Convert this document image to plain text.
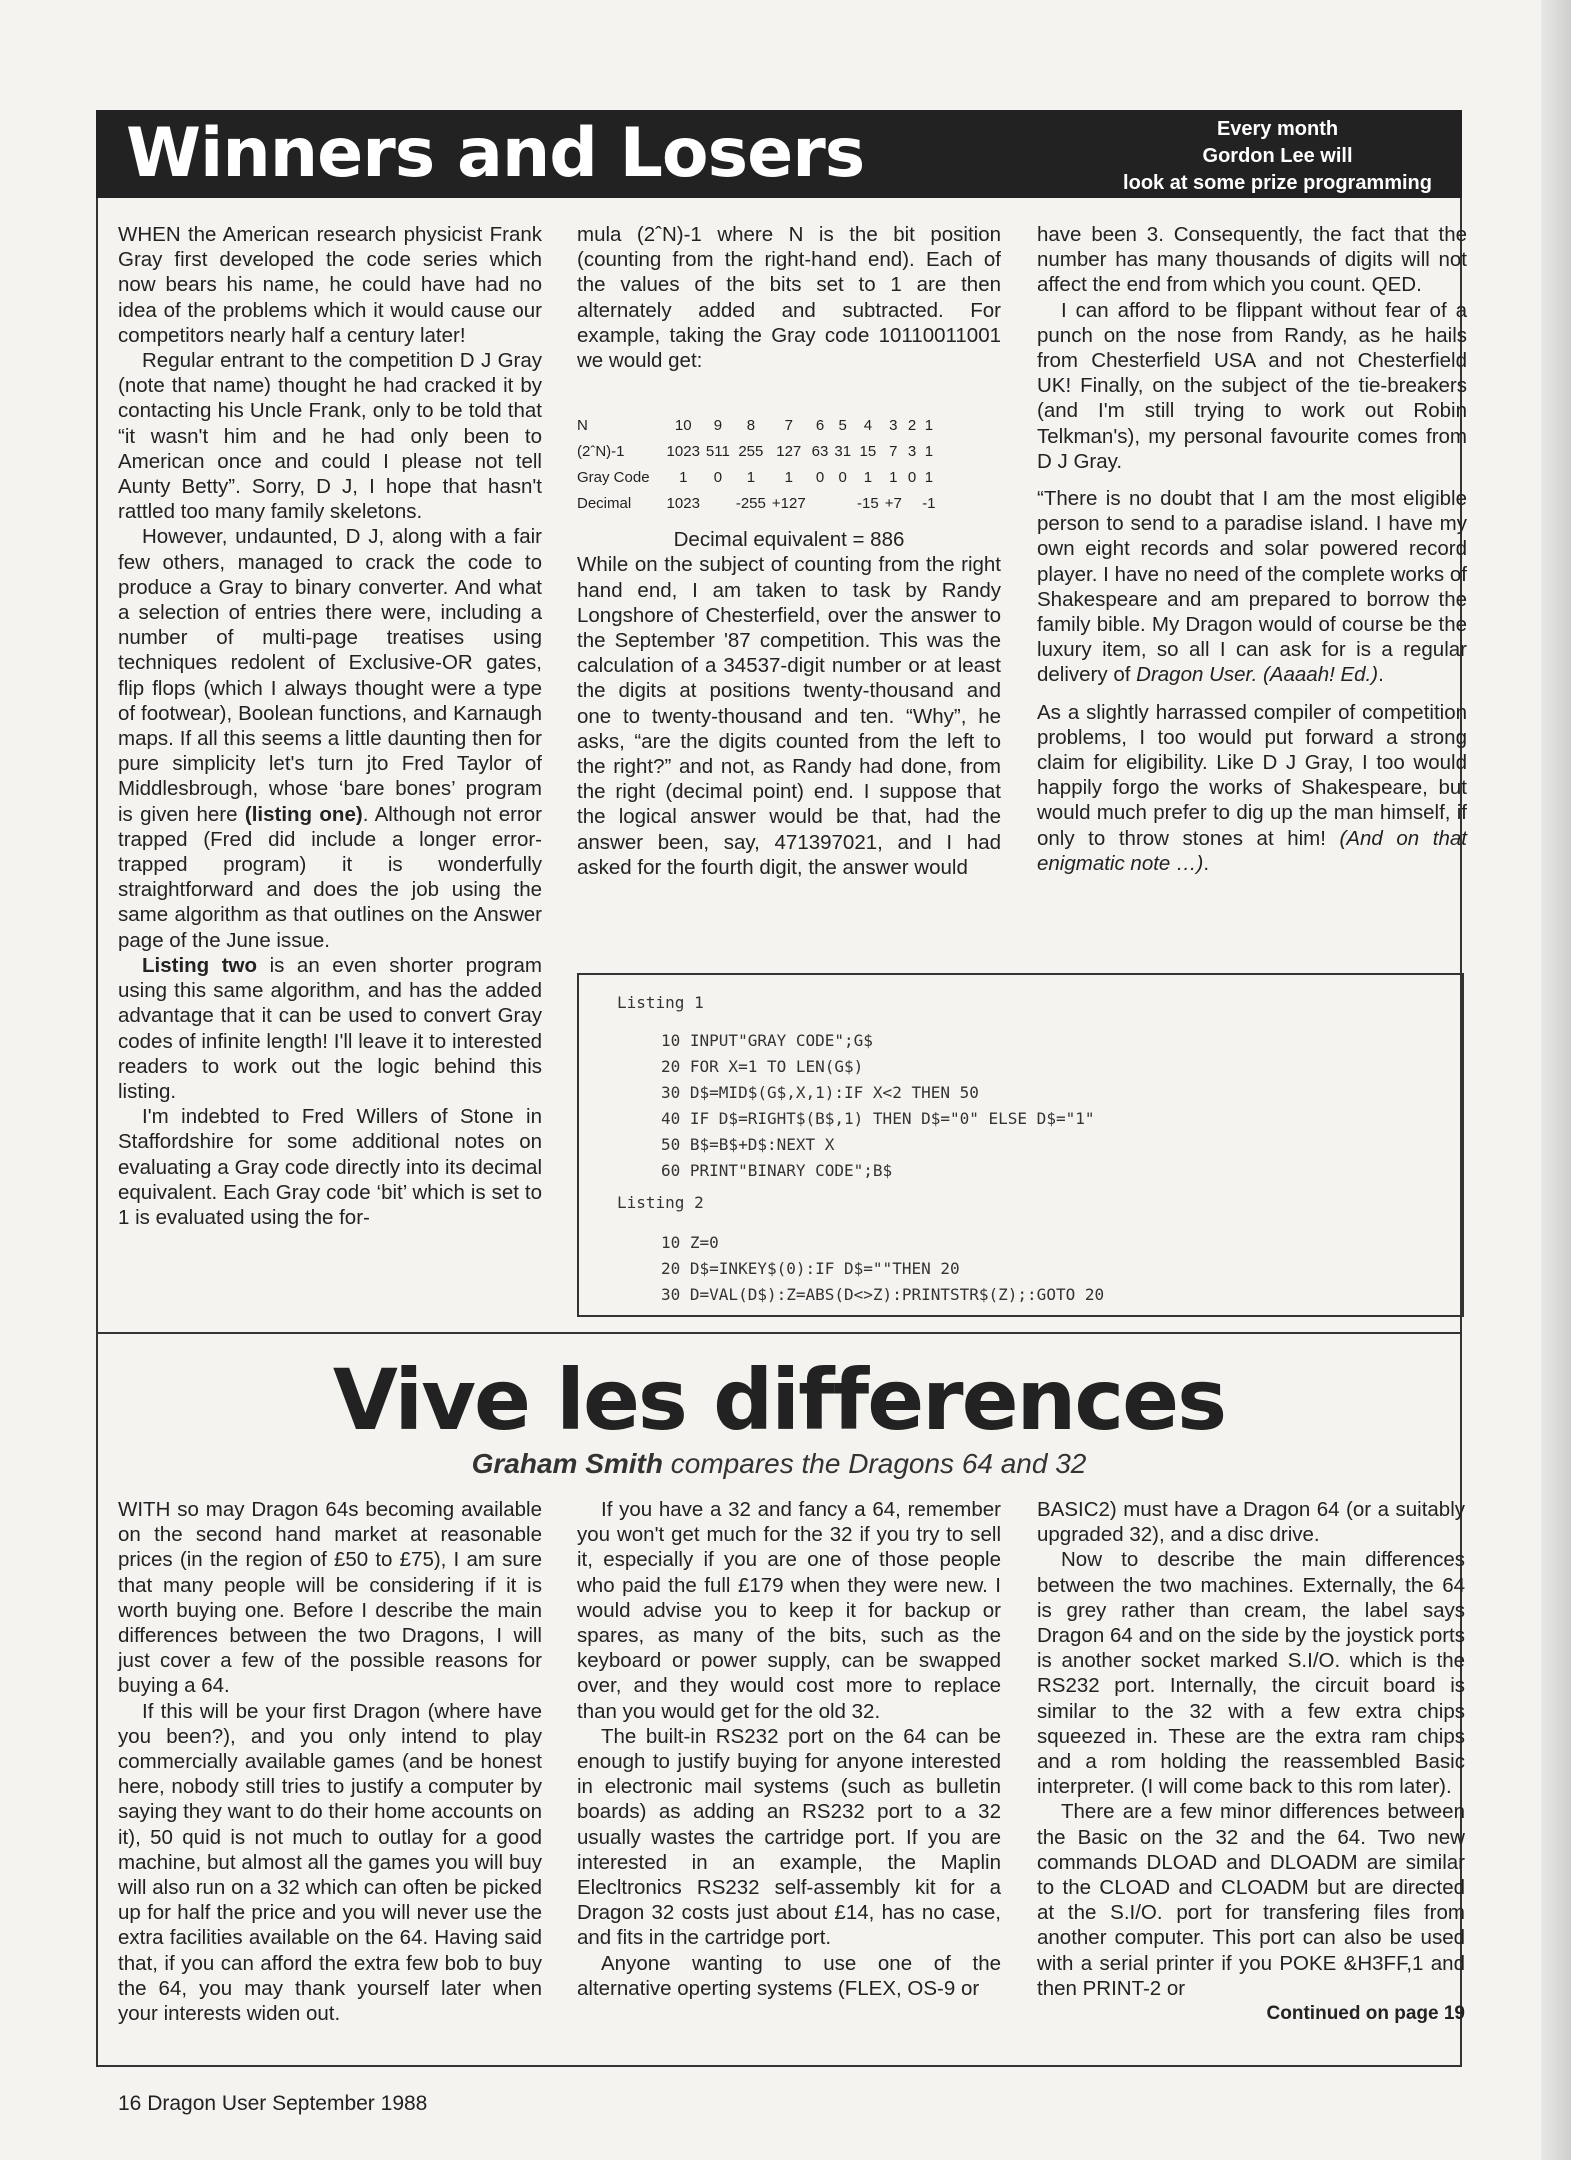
Winners and Losers	Every month
Gordon Lee will
look at some prize programming

WHEN the American research physicist Frank Gray first developed the code series which now bears his name, he could have had no idea of the problems which it would cause our competitors nearly half a century later!

Regular entrant to the competition D J Gray (note that name) thought he had cracked it by contacting his Uncle Frank, only to be told that “it wasn't him and he had only been to American once and could I please not tell Aunty Betty”. Sorry, D J, I hope that hasn't rattled too many family skeletons.

However, undaunted, D J, along with a fair few others, managed to crack the code to produce a Gray to binary converter. And what a selection of entries there were, including a number of multi-page treatises using techniques redolent of Exclusive-OR gates, flip flops (which I always thought were a type of footwear), Boolean functions, and Karnaugh maps. If all this seems a little daunting then for pure simplicity let's turn jto Fred Taylor of Middlesbrough, whose ‘bare bones’ program is given here (listing one). Although not error trapped (Fred did include a longer error-trapped program) it is wonderfully straightforward and does the job using the same algorithm as that outlines on the Answer page of the June issue.

Listing two is an even shorter program using this same algorithm, and has the added advantage that it can be used to convert Gray codes of infinite length! I'll leave it to interested readers to work out the logic behind this listing.

I'm indebted to Fred Willers of Stone in Staffordshire for some additional notes on evaluating a Gray code directly into its decimal equivalent. Each Gray code ‘bit’ which is set to 1 is evaluated using the for-

mula (2ˆN)-1 where N is the bit position (counting from the right-hand end). Each of the values of the bits set to 1 are then alternately added and subtracted. For example, taking the Gray code 10110011001 we would get:

N	10	9	8	7	6	5	4	3	2	1
(2ˆN)-1	1023	511	255	127	63	31	15	7	3	1
Gray Code	1	0	1	1	0	0	1	1	0	1
Decimal	1023		-255	+127			-15	+7		-1

Decimal equivalent = 886

While on the subject of counting from the right hand end, I am taken to task by Randy Longshore of Chesterfield, over the answer to the September '87 competition. This was the calculation of a 34537-digit number or at least the digits at positions twenty-thousand and one to twenty-thousand and ten. “Why”, he asks, “are the digits counted from the left to the right?” and not, as Randy had done, from the right (decimal point) end. I suppose that the logical answer would be that, had the answer been, say, 471397021, and I had asked for the fourth digit, the answer would

have been 3. Consequently, the fact that the number has many thousands of digits will not affect the end from which you count. QED.

I can afford to be flippant without fear of a punch on the nose from Randy, as he hails from Chesterfield USA and not Chesterfield UK! Finally, on the subject of the tie-breakers (and I'm still trying to work out Robin Telkman's), my personal favourite comes from D J Gray.

“There is no doubt that I am the most eligible person to send to a paradise island. I have my own eight records and solar powered record player. I have no need of the complete works of Shakespeare and am prepared to borrow the family bible. My Dragon would of course be the luxury item, so all I can ask for is a regular delivery of Dragon User. (Aaaah! Ed.).

As a slightly harrassed compiler of competition problems, I too would put forward a strong claim for eligibility. Like D J Gray, I too would happily forgo the works of Shakespeare, but would much prefer to dig up the man himself, if only to throw stones at him! (And on that enigmatic note …).

Listing 1
10 INPUT"GRAY CODE";G$
20 FOR X=1 TO LEN(G$)
30 D$=MID$(G$,X,1):IF X<2 THEN 50
40 IF D$=RIGHT$(B$,1) THEN D$="0" ELSE D$="1"
50 B$=B$+D$:NEXT X
60 PRINT"BINARY CODE";B$
Listing 2
10 Z=0
20 D$=INKEY$(0):IF D$=""THEN 20
30 D=VAL(D$):Z=ABS(D<>Z):PRINTSTR$(Z);:GOTO 20
Vive les differences
Graham Smith compares the Dragons 64 and 32

WITH so may Dragon 64s becoming available on the second hand market at reasonable prices (in the region of £50 to £75), I am sure that many people will be considering if it is worth buying one. Before I describe the main differences between the two Dragons, I will just cover a few of the possible reasons for buying a 64.

If this will be your first Dragon (where have you been?), and you only intend to play commercially available games (and be honest here, nobody still tries to justify a computer by saying they want to do their home accounts on it), 50 quid is not much to outlay for a good machine, but almost all the games you will buy will also run on a 32 which can often be picked up for half the price and you will never use the extra facilities available on the 64. Having said that, if you can afford the extra few bob to buy the 64, you may thank yourself later when your interests widen out.

If you have a 32 and fancy a 64, remember you won't get much for the 32 if you try to sell it, especially if you are one of those people who paid the full £179 when they were new. I would advise you to keep it for backup or spares, as many of the bits, such as the keyboard or power supply, can be swapped over, and they would cost more to replace than you would get for the old 32.

The built-in RS232 port on the 64 can be enough to justify buying for anyone interested in electronic mail systems (such as bulletin boards) as adding an RS232 port to a 32 usually wastes the cartridge port. If you are interested in an example, the Maplin Elecltronics RS232 self-assembly kit for a Dragon 32 costs just about £14, has no case, and fits in the cartridge port.

Anyone wanting to use one of the alternative operting systems (FLEX, OS-9 or

BASIC2) must have a Dragon 64 (or a suitably upgraded 32), and a disc drive.

Now to describe the main differences between the two machines. Externally, the 64 is grey rather than cream, the label says Dragon 64 and on the side by the joystick ports is another socket marked S.I/O. which is the RS232 port. Internally, the circuit board is similar to the 32 with a few extra chips squeezed in. These are the extra ram chips and a rom holding the reassembled Basic interpreter. (I will come back to this rom later).

There are a few minor differences between the Basic on the 32 and the 64. Two new commands DLOAD and DLOADM are similar to the CLOAD and CLOADM but are directed at the S.I/O. port for transfering files from another computer. This port can also be used with a serial printer if you POKE &H3FF,1 and then PRINT-2 or

Continued on page 19

16 Dragon User September 1988
